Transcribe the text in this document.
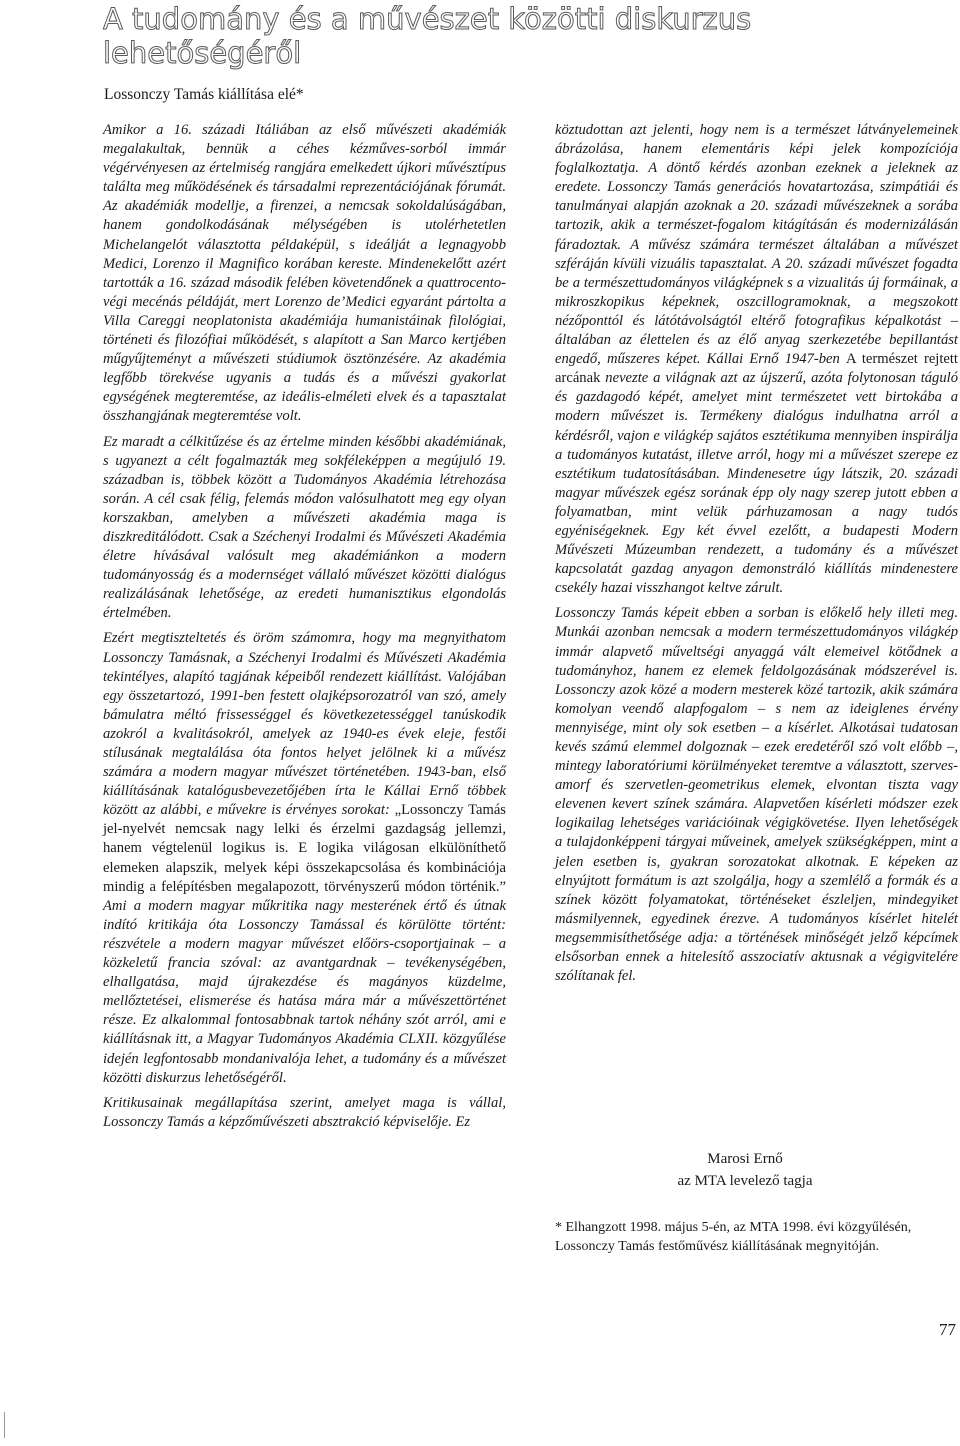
A tudomány és a művészet közötti diskurzus lehetőségéről
Lossonczy Tamás kiállítása elé*

Amikor a 16. századi Itáliában az első művészeti akadémiák megalakultak, bennük a céhes kézműves-sorból immár végérvényesen az értelmiség rangjára emelkedett újkori művésztípus találta meg működésének és társadalmi reprezentációjának fórumát. Az akadémiák modellje, a firenzei, a nemcsak sokoldalúságában, hanem gondolkodásának mélységében is utolérhetetlen Michelangelót választotta példaképül, s ideálját a legnagyobb Medici, Lorenzo il Magnifico korában kereste. Mindenekelőtt azért tartották a 16. század második felében követendőnek a quattrocento-végi mecénás példáját, mert Lorenzo de’Medici egyaránt pártolta a Villa Careggi neoplatonista akadémiája humanistáinak filológiai, történeti és filozófiai működését, s alapított a San Marco kertjében műgyűjteményt a művészeti stúdiumok ösztönzésére. Az akadémia legfőbb törekvése ugyanis a tudás és a művészi gyakorlat egységének megteremtése, az ideális-elméleti elvek és a tapasztalat összhangjának megteremtése volt.

Ez maradt a célkitűzése és az értelme minden későbbi akadémiának, s ugyanezt a célt fogalmazták meg sokféleképpen a megújuló 19. században is, többek között a Tudományos Akadémia létrehozása során. A cél csak félig, felemás módon valósulhatott meg egy olyan korszakban, amelyben a művészeti akadémia maga is diszkreditálódott. Csak a Széchenyi Irodalmi és Művészeti Akadémia életre hívásával valósult meg akadémiánkon a modern tudományosság és a modernséget vállaló művészet közötti dialógus realizálásának lehetősége, az eredeti humanisztikus elgondolás értelmében.

Ezért megtiszteltetés és öröm számomra, hogy ma megnyithatom Lossonczy Tamásnak, a Széchenyi Irodalmi és Művészeti Akadémia tekintélyes, alapító tagjának képeiből rendezett kiállítást. Valójában egy összetartozó, 1991-ben festett olajképsorozatról van szó, amely bámulatra méltó frissességgel és következetességgel tanúskodik azokról a kvalitásokról, amelyek az 1940-es évek eleje, festői stílusának megtalálása óta fontos helyet jelölnek ki a művész számára a modern magyar művészet történetében. 1943-ban, első kiállításának katalógusbevezetőjében írta le Kállai Ernő többek között az alábbi, e művekre is érvényes sorokat: „Lossonczy Tamás jel-nyelvét nemcsak nagy lelki és érzelmi gazdagság jellemzi, hanem végtelenül logikus is. E logika világosan elkülöníthető elemeken alapszik, melyek képi összekapcsolása és kombinációja mindig a felépítésben megalapozott, törvényszerű módon történik.” Ami a modern magyar műkritika nagy mesterének értő és útnak indító kritikája óta Lossonczy Tamással és körülötte történt: részvétele a modern magyar művészet előörs-csoportjainak – a közkeletű francia szóval: az avantgardnak – tevékenységében, elhallgatása, majd újrakezdése és magányos küzdelme, mellőztetései, elismerése és hatása mára már a művészettörténet része. Ez alkalommal fontosabbnak tartok néhány szót arról, ami e kiállításnak itt, a Magyar Tudományos Akadémia CLXII. közgyűlése idején legfontosabb mondanivalója lehet, a tudomány és a művészet közötti diskurzus lehetőségéről.

Kritikusainak megállapítása szerint, amelyet maga is vállal, Lossonczy Tamás a képzőművészeti absztrakció képviselője. Ez

köztudottan azt jelenti, hogy nem is a természet látványelemeinek ábrázolása, hanem elementáris képi jelek kompozíciója foglalkoztatja. A döntő kérdés azonban ezeknek a jeleknek az eredete. Lossonczy Tamás generációs hovatartozása, szimpátiái és tanulmányai alapján azoknak a 20. századi művészeknek a sorába tartozik, akik a természet-fogalom kitágításán és modernizálásán fáradoztak. A művész számára természet általában a művészet szféráján kívüli vizuális tapasztalat. A 20. századi művészet fogadta be a természettudományos világképnek s a vizualitás új formáinak, a mikroszkopikus képeknek, oszcillogramoknak, a megszokott nézőponttól és látótávolságtól eltérő fotografikus képalkotást – általában az élettelen és az élő anyag szerkezetébe bepillantást engedő, műszeres képet. Kállai Ernő 1947-ben A természet rejtett arcának nevezte a világnak azt az újszerű, azóta folytonosan táguló és gazdagodó képét, amelyet mint természetet vett birtokába a modern művészet is. Termékeny dialógus indulhatna arról a kérdésről, vajon e világkép sajátos esztétikuma mennyiben inspirálja a tudományos kutatást, illetve arról, hogy mi a művészet szerepe ez esztétikum tudatosításában. Mindenesetre úgy látszik, 20. századi magyar művészek egész sorának épp oly nagy szerep jutott ebben a folyamatban, mint velük párhuzamosan a nagy tudós egyéniségeknek. Egy két évvel ezelőtt, a budapesti Modern Művészeti Múzeumban rendezett, a tudomány és a művészet kapcsolatát gazdag anyagon demonstráló kiállítás mindenestere csekély hazai visszhangot keltve zárult.

Lossonczy Tamás képeit ebben a sorban is előkelő hely illeti meg. Munkái azonban nemcsak a modern természettudományos világkép immár alapvető műveltségi anyaggá vált elemeivel kötődnek a tudományhoz, hanem ez elemek feldolgozásának módszerével is. Lossonczy azok közé a modern mesterek közé tartozik, akik számára komolyan veendő alapfogalom – s nem az ideiglenes érvény mennyisége, mint oly sok esetben – a kísérlet. Alkotásai tudatosan kevés számú elemmel dolgoznak – ezek eredetéről szó volt előbb –, mintegy laboratóriumi körülményeket teremtve a választott, szerves-amorf és szervetlen-geometrikus elemek, elvontan tiszta vagy elevenen kevert színek számára. Alapvetően kísérleti módszer ezek logikailag lehetséges variációinak végigkövetése. Ilyen lehetőségek a tulajdonképpeni tárgyai műveinek, amelyek szükségképpen, mint a jelen esetben is, gyakran sorozatokat alkotnak. E képeken az elnyújtott formátum is azt szolgálja, hogy a szemlélő a formák és a színek között folyamatokat, történéseket észleljen, mindegyiket másmilyennek, egyedinek érezve. A tudományos kísérlet hitelét megsemmisíthetősége adja: a történések minőségét jelző képcímek elsősorban ennek a hitelesítő asszociatív aktusnak a végigvitelére szólítanak fel.

Marosi Ernő
az MTA levelező tagja
* Elhangzott 1998. május 5-én, az MTA 1998. évi közgyűlésén, Lossonczy Tamás festőművész kiállításának megnyitóján.
77
